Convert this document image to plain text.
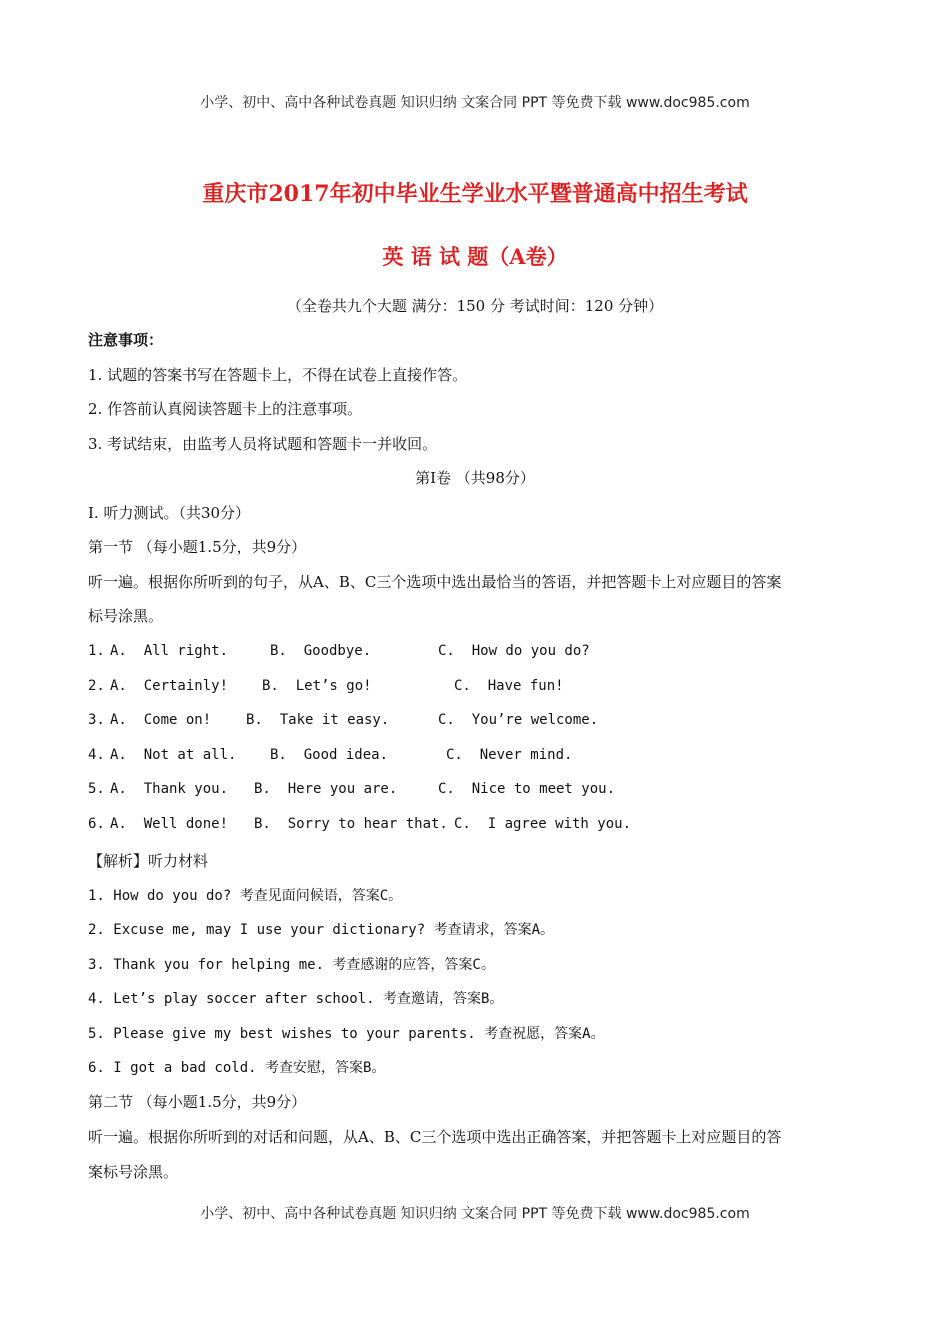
小学、初中、高中各种试卷真题 知识归纳 文案合同 PPT 等免费下载 www.doc985.com
重庆市2017年初中毕业生学业水平暨普通高中招生考试
英 语 试 题（A卷）
（全卷共九个大题 满分：150 分 考试时间：120 分钟）
注意事项：
1. 试题的答案书写在答题卡上，不得在试卷上直接作答。
2. 作答前认真阅读答题卡上的注意事项。
3. 考试结束，由监考人员将试题和答题卡一并收回。
第Ⅰ卷 （共98分）
Ⅰ. 听力测试。（共30分）
第一节 （每小题1.5分，共9分）
听一遍。根据你所听到的句子，从A、B、C三个选项中选出最恰当的答语，并把答题卡上对应题目的答案
标号涂黑。
1. A.  All right.	B.  Goodbye.	C.  How do you do?
2. A.  Certainly! B.  Let’s go!	C.  Have fun!
3. A.  Come on! B.  Take it easy.	C.  You’re welcome.
4. A.  Not at all. B.  Good idea.	C.  Never mind.
5. A.  Thank you. B.  Here you are.	C.  Nice to meet you.
6. A.  Well done! B.  Sorry to hear that. C.  I agree with you.
【解析】听力材料
1. How do you do? 考查见面问候语，答案C。
2. Excuse me, may I use your dictionary? 考查请求，答案A。
3. Thank you for helping me. 考查感谢的应答，答案C。
4. Let’s play soccer after school. 考查邀请，答案B。
5. Please give my best wishes to your parents. 考查祝愿，答案A。
6. I got a bad cold. 考查安慰，答案B。
第二节 （每小题1.5分，共9分）
听一遍。根据你所听到的对话和问题，从A、B、C三个选项中选出正确答案，并把答题卡上对应题目的答
案标号涂黑。
小学、初中、高中各种试卷真题 知识归纳 文案合同 PPT 等免费下载 www.doc985.com
